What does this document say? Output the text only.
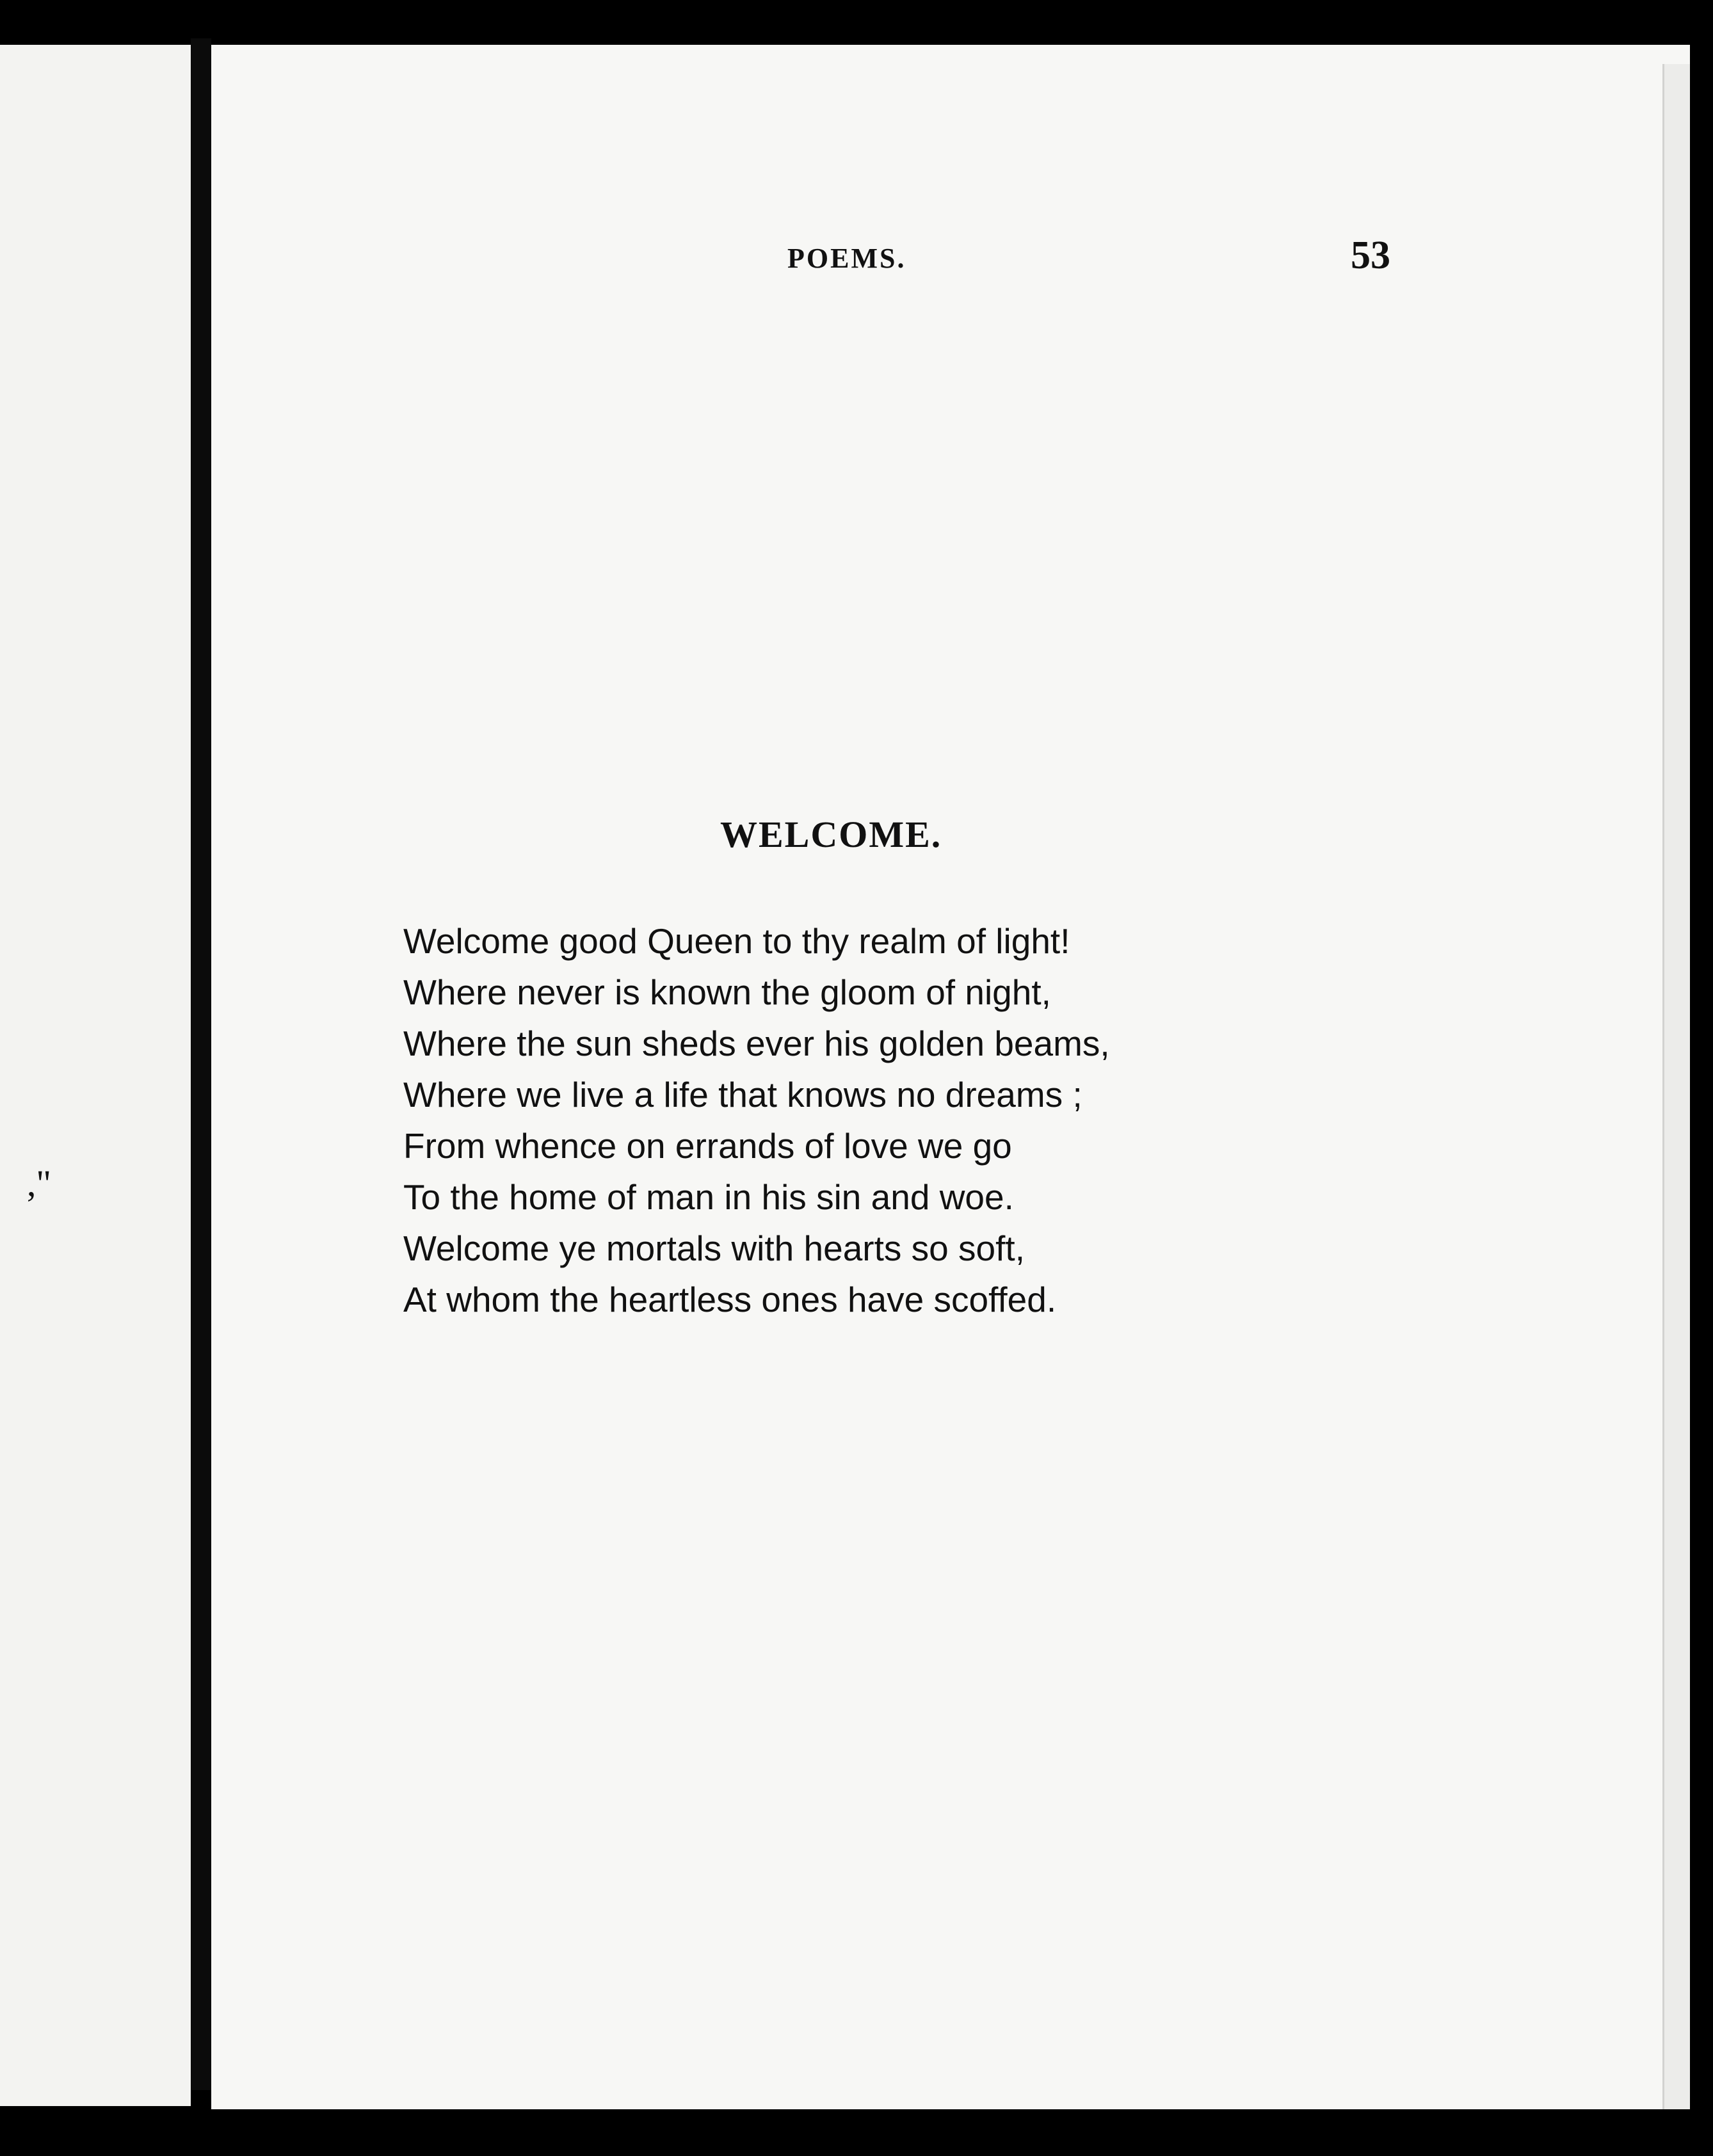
,"
POEMS.	53
WELCOME.
Welcome good Queen to thy realm of light!
Where never is known the gloom of night,
Where the sun sheds ever his golden beams,
Where we live a life that knows no dreams ;
From whence on errands of love we go
To the home of man in his sin and woe.
Welcome ye mortals with hearts so soft,
At whom the heartless ones have scoffed.
